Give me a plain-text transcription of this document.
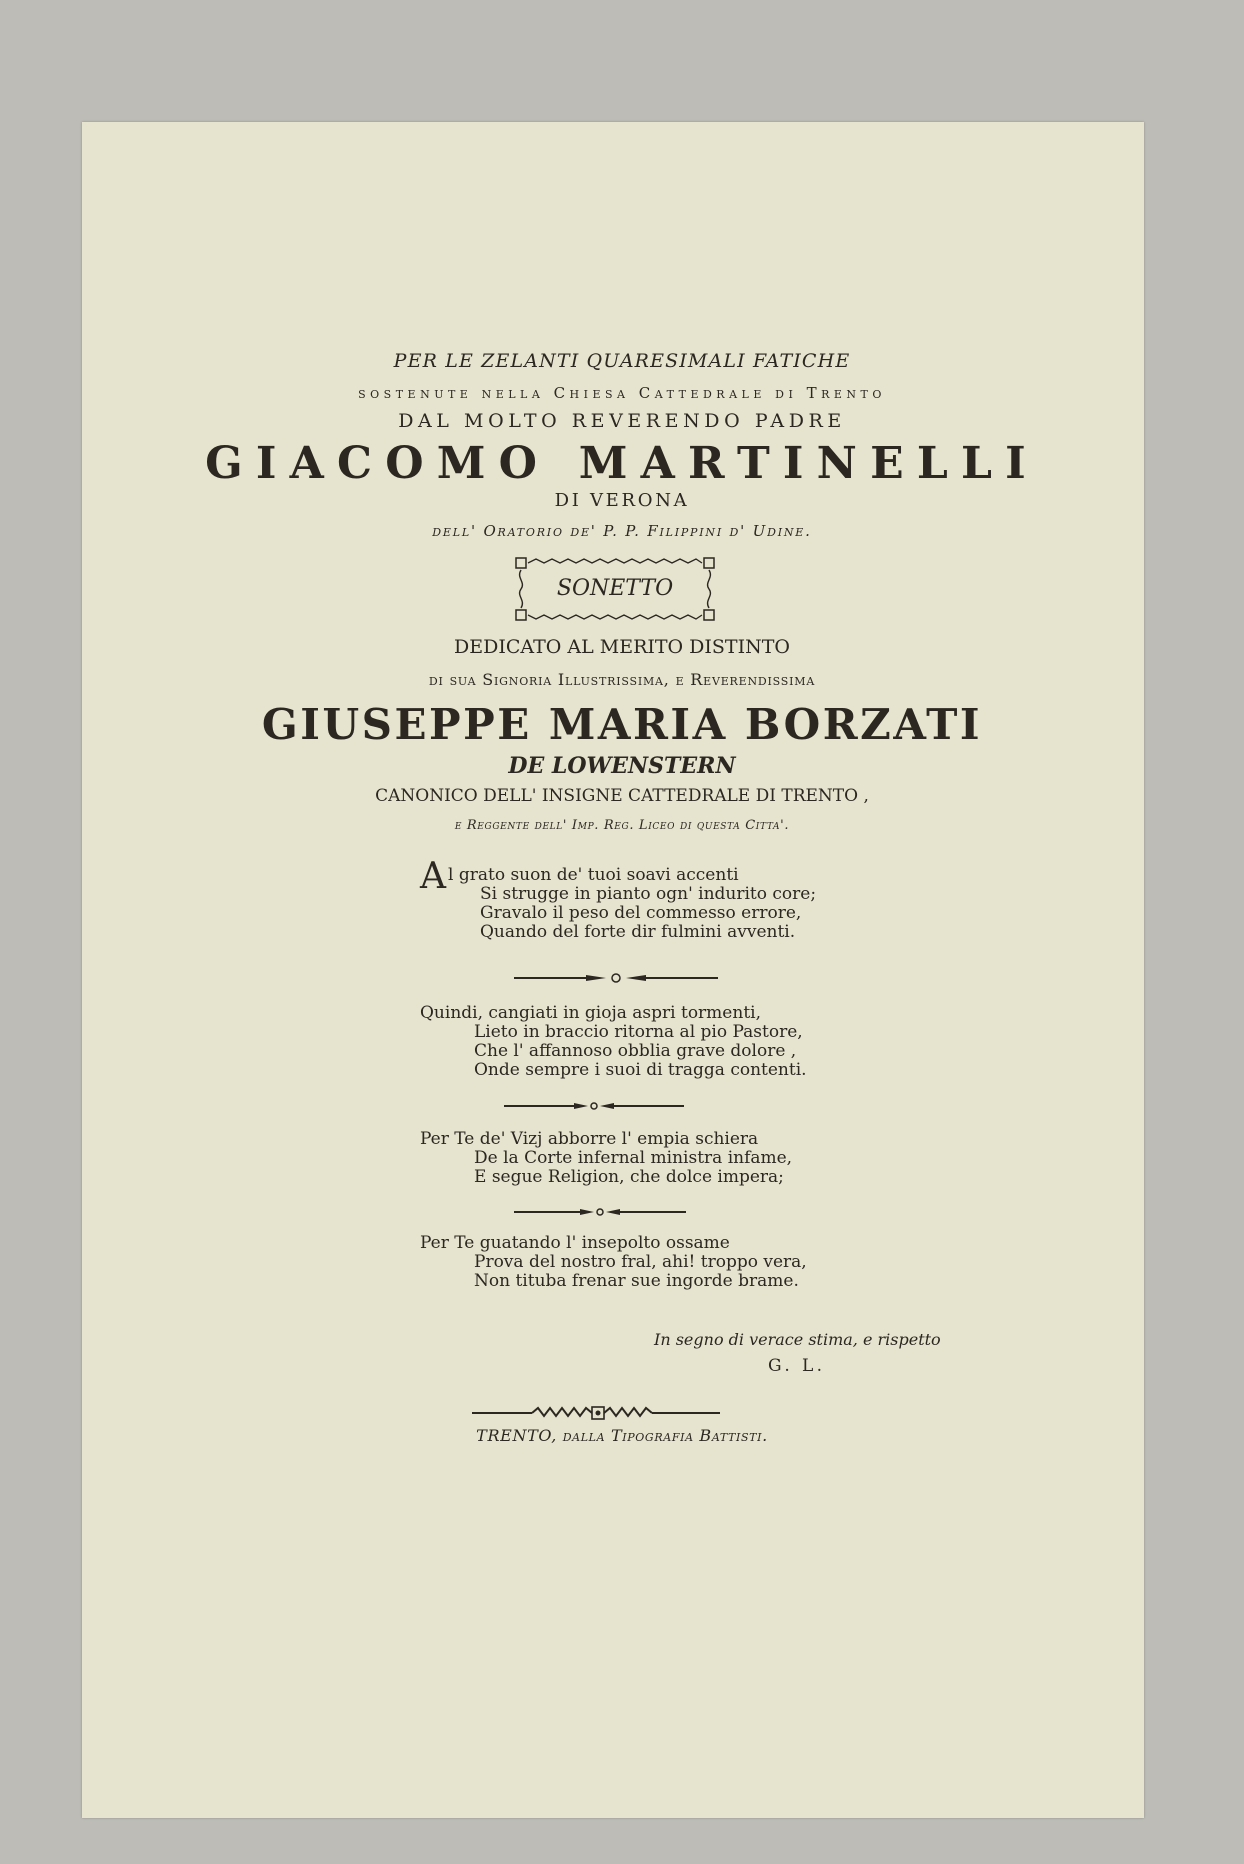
PER LE ZELANTI QUARESIMALI FATICHE
sostenute nella Chiesa Cattedrale di Trento
DAL MOLTO REVERENDO PADRE
GIACOMO MARTINELLI
DI VERONA
dell' Oratorio de' P. P. Filippini d' Udine.
SONETTO
DEDICATO AL MERITO DISTINTO
di sua Signoria Illustrissima, e Reverendissima
GIUSEPPE MARIA BORZATI
DE LOWENSTERN
CANONICO DELL' INSIGNE CATTEDRALE DI TRENTO ,
e Reggente dell' Imp. Reg. Liceo di questa Citta'.
Al grato suon de' tuoi soavi accenti
Si strugge in pianto ogn' indurito core;
Gravalo il peso del commesso errore,
Quando del forte dir fulmini avventi.
Quindi, cangiati in gioja aspri tormenti,
Lieto in braccio ritorna al pio Pastore,
Che l' affannoso obblia grave dolore ,
Onde sempre i suoi di tragga contenti.
Per Te de' Vizj abborre l' empia schiera
De la Corte infernal ministra infame,
E segue Religion, che dolce impera;
Per Te guatando l' insepolto ossame
Prova del nostro fral, ahi! troppo vera,
Non tituba frenar sue ingorde brame.
In segno di verace stima, e rispetto
G. L.
TRENTO, dalla Tipografia Battisti.
